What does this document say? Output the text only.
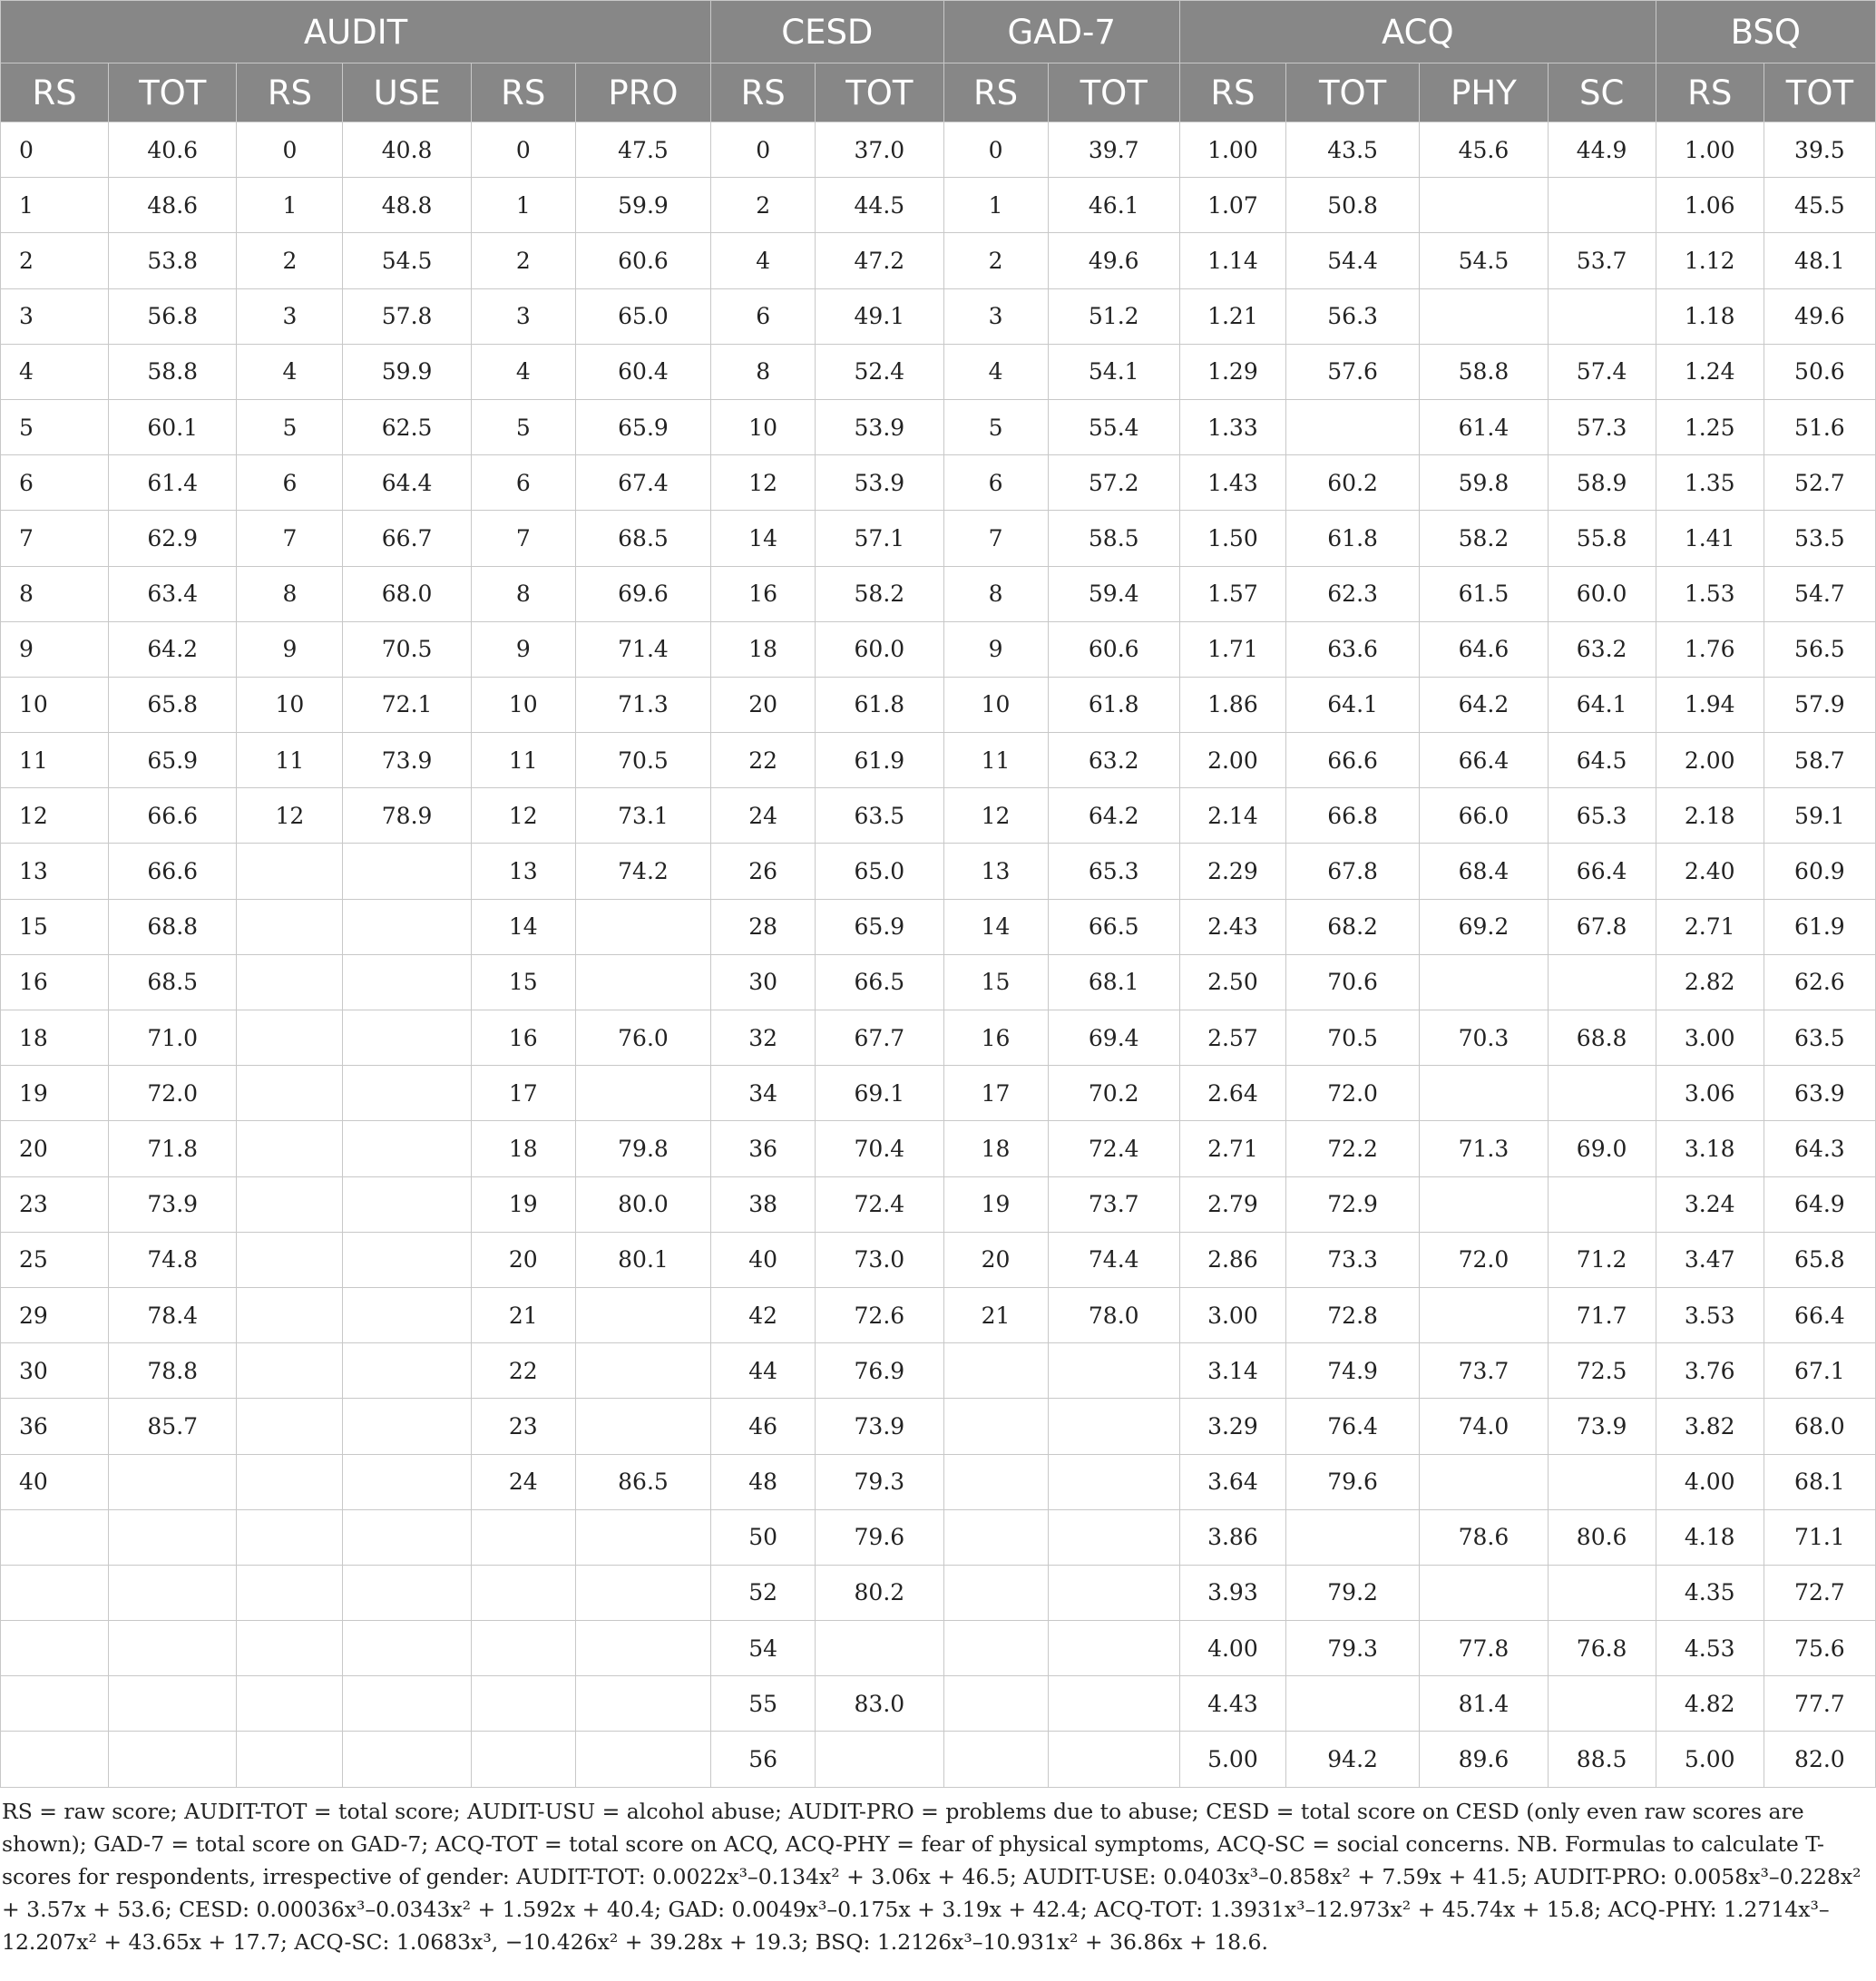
AUDIT						CESD		GAD-7		ACQ				BSQ	
RS	TOT	RS	USE	RS	PRO	RS	TOT	RS	TOT	RS	TOT	PHY	SC	RS	TOT
0	40.6	0	40.8	0	47.5	0	37.0	0	39.7	1.00	43.5	45.6	44.9	1.00	39.5
1	48.6	1	48.8	1	59.9	2	44.5	1	46.1	1.07	50.8			1.06	45.5
2	53.8	2	54.5	2	60.6	4	47.2	2	49.6	1.14	54.4	54.5	53.7	1.12	48.1
3	56.8	3	57.8	3	65.0	6	49.1	3	51.2	1.21	56.3			1.18	49.6
4	58.8	4	59.9	4	60.4	8	52.4	4	54.1	1.29	57.6	58.8	57.4	1.24	50.6
5	60.1	5	62.5	5	65.9	10	53.9	5	55.4	1.33		61.4	57.3	1.25	51.6
6	61.4	6	64.4	6	67.4	12	53.9	6	57.2	1.43	60.2	59.8	58.9	1.35	52.7
7	62.9	7	66.7	7	68.5	14	57.1	7	58.5	1.50	61.8	58.2	55.8	1.41	53.5
8	63.4	8	68.0	8	69.6	16	58.2	8	59.4	1.57	62.3	61.5	60.0	1.53	54.7
9	64.2	9	70.5	9	71.4	18	60.0	9	60.6	1.71	63.6	64.6	63.2	1.76	56.5
10	65.8	10	72.1	10	71.3	20	61.8	10	61.8	1.86	64.1	64.2	64.1	1.94	57.9
11	65.9	11	73.9	11	70.5	22	61.9	11	63.2	2.00	66.6	66.4	64.5	2.00	58.7
12	66.6	12	78.9	12	73.1	24	63.5	12	64.2	2.14	66.8	66.0	65.3	2.18	59.1
13	66.6			13	74.2	26	65.0	13	65.3	2.29	67.8	68.4	66.4	2.40	60.9
15	68.8			14		28	65.9	14	66.5	2.43	68.2	69.2	67.8	2.71	61.9
16	68.5			15		30	66.5	15	68.1	2.50	70.6			2.82	62.6
18	71.0			16	76.0	32	67.7	16	69.4	2.57	70.5	70.3	68.8	3.00	63.5
19	72.0			17		34	69.1	17	70.2	2.64	72.0			3.06	63.9
20	71.8			18	79.8	36	70.4	18	72.4	2.71	72.2	71.3	69.0	3.18	64.3
23	73.9			19	80.0	38	72.4	19	73.7	2.79	72.9			3.24	64.9
25	74.8			20	80.1	40	73.0	20	74.4	2.86	73.3	72.0	71.2	3.47	65.8
29	78.4			21		42	72.6	21	78.0	3.00	72.8		71.7	3.53	66.4
30	78.8			22		44	76.9			3.14	74.9	73.7	72.5	3.76	67.1
36	85.7			23		46	73.9			3.29	76.4	74.0	73.9	3.82	68.0
40				24	86.5	48	79.3			3.64	79.6			4.00	68.1
						50	79.6			3.86		78.6	80.6	4.18	71.1
						52	80.2			3.93	79.2			4.35	72.7
						54				4.00	79.3	77.8	76.8	4.53	75.6
						55	83.0			4.43		81.4		4.82	77.7
						56				5.00	94.2	89.6	88.5	5.00	82.0
RS = raw score; AUDIT-TOT = total score; AUDIT-USU = alcohol abuse; AUDIT-PRO = problems due to abuse; CESD = total score on CESD (only even raw scores are shown); GAD-7 = total score on GAD-7; ACQ-TOT = total score on ACQ, ACQ-PHY = fear of physical symptoms, ACQ-SC = social concerns. NB. Formulas to calculate T-scores for respondents, irrespective of gender: AUDIT-TOT: 0.0022x³–0.134x² + 3.06x + 46.5; AUDIT-USE: 0.0403x³–0.858x² + 7.59x + 41.5; AUDIT-PRO: 0.0058x³–0.228x² + 3.57x + 53.6; CESD: 0.00036x³–0.0343x² + 1.592x + 40.4; GAD: 0.0049x³–0.175x + 3.19x + 42.4; ACQ-TOT: 1.3931x³–12.973x² + 45.74x + 15.8; ACQ-PHY: 1.2714x³–12.207x² + 43.65x + 17.7; ACQ-SC: 1.0683x³, −10.426x² + 39.28x + 19.3; BSQ: 1.2126x³–10.931x² + 36.86x + 18.6.
